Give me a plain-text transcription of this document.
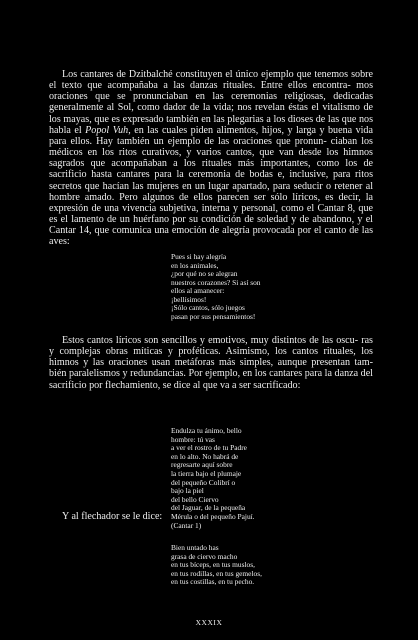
Los cantares de Dzitbalché constituyen el único ejemplo que tenemos sobre el texto que acompañaba a las danzas rituales. Entre ellos encontra- mos oraciones que se pronunciaban en las ceremonias religiosas, dedicadas generalmente al Sol, como dador de la vida; nos revelan éstas el vitalismo de los mayas, que es expresado también en las plegarias a los dioses de las que nos habla el Popol Vuh, en las cuales piden alimentos, hijos, y larga y buena vida para ellos. Hay también un ejemplo de las oraciones que pronun- ciaban los médicos en los ritos curativos, y varios cantos, que van desde los himnos sagrados que acompañaban a los rituales más importantes, como los de sacrificio hasta cantares para la ceremonia de bodas e, inclusive, para ritos secretos que hacían las mujeres en un lugar apartado, para seducir o retener al hombre amado. Pero algunos de ellos parecen ser sólo líricos, es decir, la expresión de una vivencia subjetiva, interna y personal, como el Cantar 8, que es el lamento de un huérfano por su condición de soledad y de abandono, y el Cantar 14, que comunica una emoción de alegría provocada por el canto de las aves:
Pues si hay alegría
en los animales,
¿por qué no se alegran
nuestros corazones? Si así son
ellos al amanecer:
¡bellísimos!
¡Sólo cantos, sólo juegos
pasan por sus pensamientos!
Estos cantos líricos son sencillos y emotivos, muy distintos de las oscu- ras y complejas obras míticas y proféticas. Asimismo, los cantos rituales, los himnos y las oraciones usan metáforas más simples, aunque presentan tam- bién paralelismos y redundancias. Por ejemplo, en los cantares para la danza del sacrificio por flechamiento, se dice al que va a ser sacrificado:
Endulza tu ánimo, bello
hombre: tú vas
a ver el rostro de tu Padre
en lo alto. No habrá de
regresarte aquí sobre
la tierra bajo el plumaje
del pequeño Colibrí o
bajo la piel
del bello Ciervo
del Jaguar, de la pequeña
Mérula o del pequeño Pajuí.
(Cantar 1)

Y al flechador se le dice:

Bien untado has
grasa de ciervo macho
en tus bíceps, en tus muslos,
en tus rodillas, en tus gemelos,
en tus costillas, en tu pecho.

XXXIX
